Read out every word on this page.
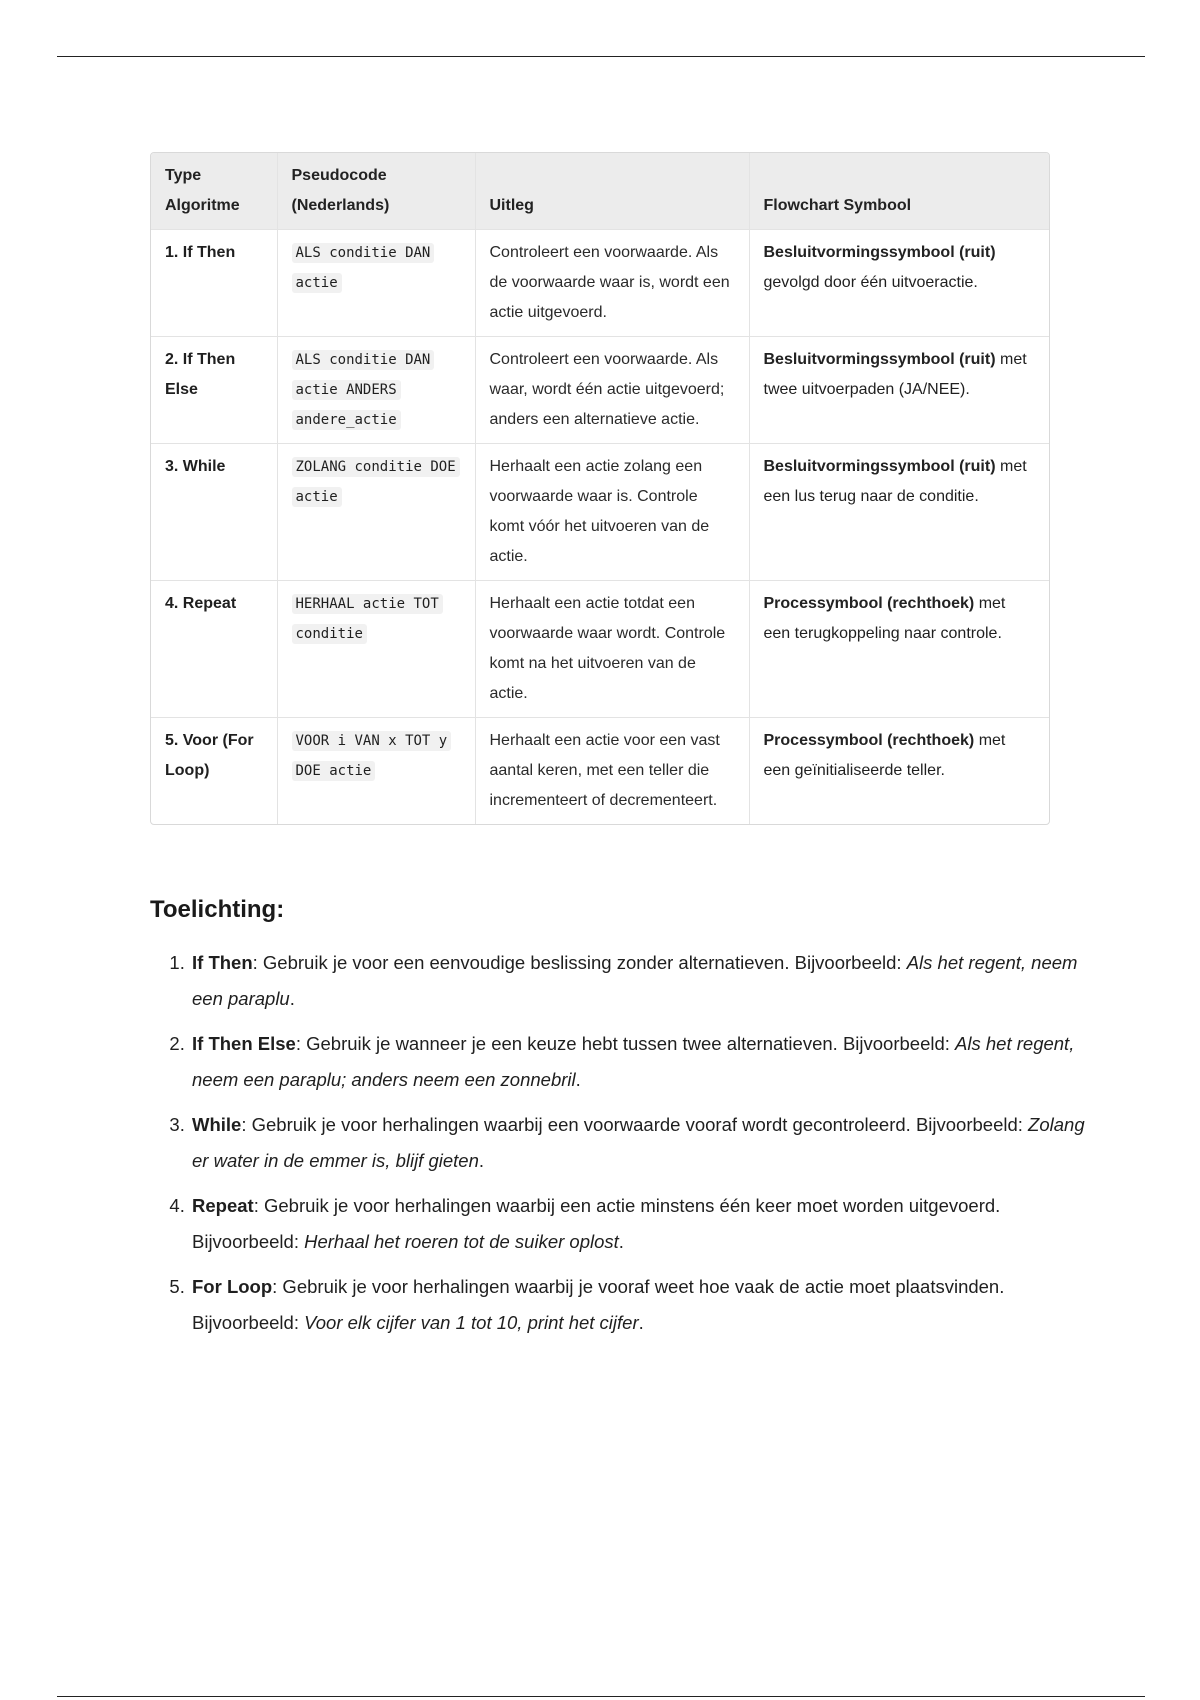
Type Algoritme	Pseudocode (Nederlands)	Uitleg	Flowchart Symbool
1. If Then	ALS conditie DAN actie	Controleert een voorwaarde. Als de voorwaarde waar is, wordt een actie uitgevoerd.	Besluitvormingssymbool (ruit) gevolgd door één uitvoeractie.
2. If Then Else	ALS conditie DAN actie ANDERS andere_actie	Controleert een voorwaarde. Als waar, wordt één actie uitgevoerd; anders een alternatieve actie.	Besluitvormingssymbool (ruit) met twee uitvoerpaden (JA/NEE).
3. While	ZOLANG conditie DOE actie	Herhaalt een actie zolang een voorwaarde waar is. Controle komt vóór het uitvoeren van de actie.	Besluitvormingssymbool (ruit) met een lus terug naar de conditie.
4. Repeat	HERHAAL actie TOT conditie	Herhaalt een actie totdat een voorwaarde waar wordt. Controle komt na het uitvoeren van de actie.	Processymbool (rechthoek) met een terugkoppeling naar controle.
5. Voor (For Loop)	VOOR i VAN x TOT y DOE actie	Herhaalt een actie voor een vast aantal keren, met een teller die incrementeert of decrementeert.	Processymbool (rechthoek) met een geïnitialiseerde teller.
Toelichting:
1. If Then: Gebruik je voor een eenvoudige beslissing zonder alternatieven. Bijvoorbeeld: Als het regent, neem een paraplu.
2. If Then Else: Gebruik je wanneer je een keuze hebt tussen twee alternatieven. Bijvoorbeeld: Als het regent, neem een paraplu; anders neem een zonnebril.
3. While: Gebruik je voor herhalingen waarbij een voorwaarde vooraf wordt gecontroleerd. Bijvoorbeeld: Zolang er water in de emmer is, blijf gieten.
4. Repeat: Gebruik je voor herhalingen waarbij een actie minstens één keer moet worden uitgevoerd. Bijvoorbeeld: Herhaal het roeren tot de suiker oplost.
5. For Loop: Gebruik je voor herhalingen waarbij je vooraf weet hoe vaak de actie moet plaatsvinden. Bijvoorbeeld: Voor elk cijfer van 1 tot 10, print het cijfer.
